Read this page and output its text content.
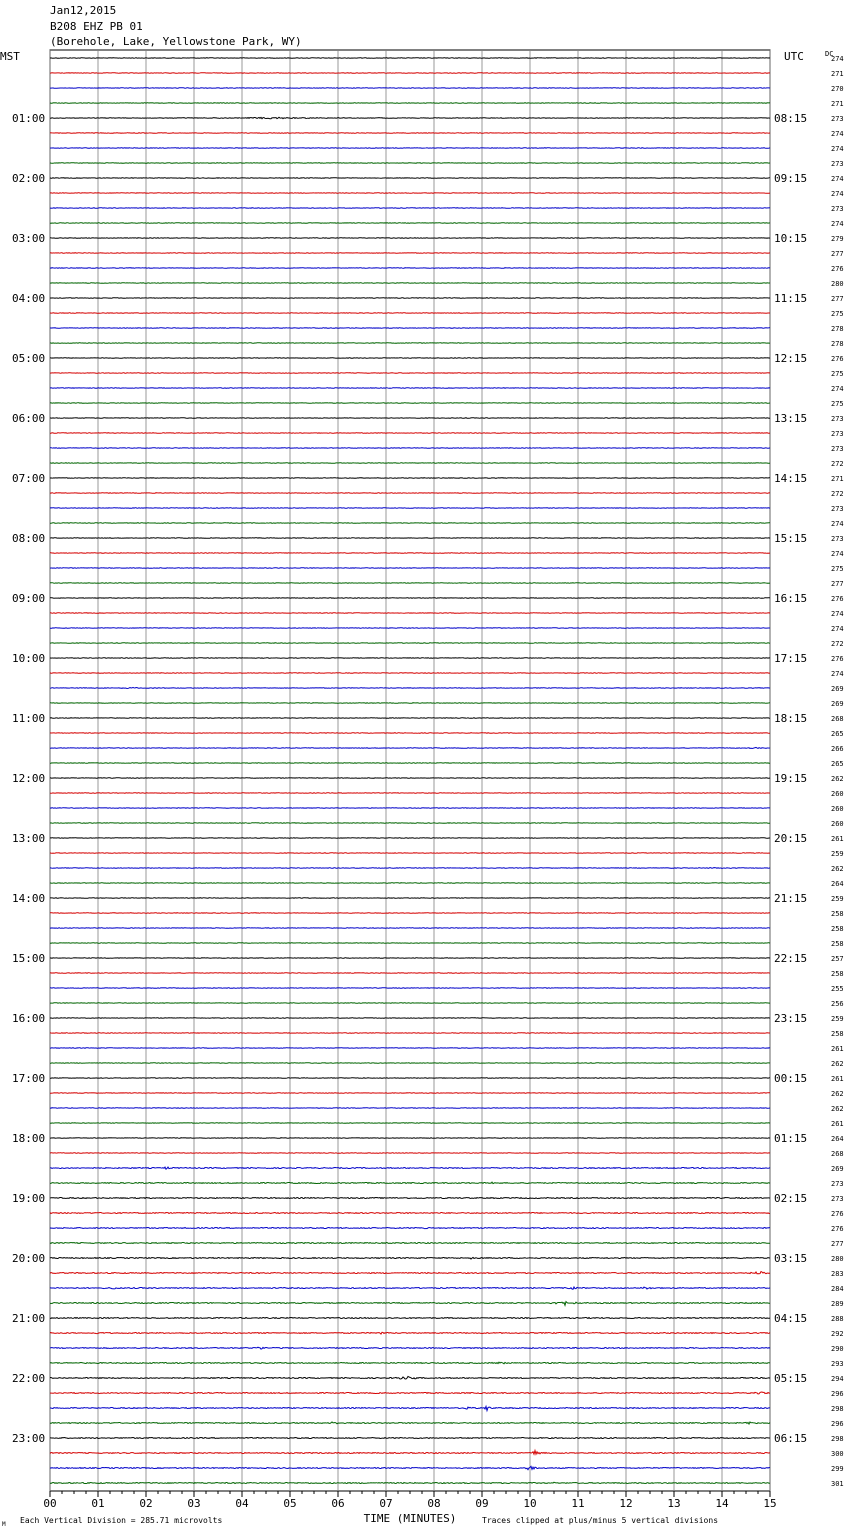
Jan12,2015
B208 EHZ PB 01
(Borehole, Lake, Yellowstone Park, WY)
00	01	02	03	04	05	06	07	08	09	10	11	12	13	14	15
274
271
270
271
273
274
274
273
274
274
273
274
279
277
276
280
277
275
278
278
276
275
274
275
273
273
273
272
271
272
273
274
273
274
275
277
276
274
274
272
276
274
269
269
268
265
266
265
262
260
260
260
261
259
262
264
259
258
258
258
257
258
255
256
259
258
261
262
261
262
262
261
264
268
269
273
273
276
276
277
280
283
284
289
288
292
290
293
294
296
298
296
298
300
299
301
01:00	08:15
02:00	09:15
03:00	10:15
04:00	11:15
05:00	12:15
06:00	13:15
07:00	14:15
08:00	15:15
09:00	16:15
10:00	17:15
11:00	18:15
12:00	19:15
13:00	20:15
14:00	21:15
15:00	22:15
16:00	23:15
17:00	00:15
18:00	01:15
19:00	02:15
20:00	03:15
21:00	04:15
22:00	05:15
23:00	06:15
MST	UTC	DC
TIME (MINUTES)
Each Vertical Division = 285.71 microvolts	Traces clipped at plus/minus 5 vertical divisions
M
